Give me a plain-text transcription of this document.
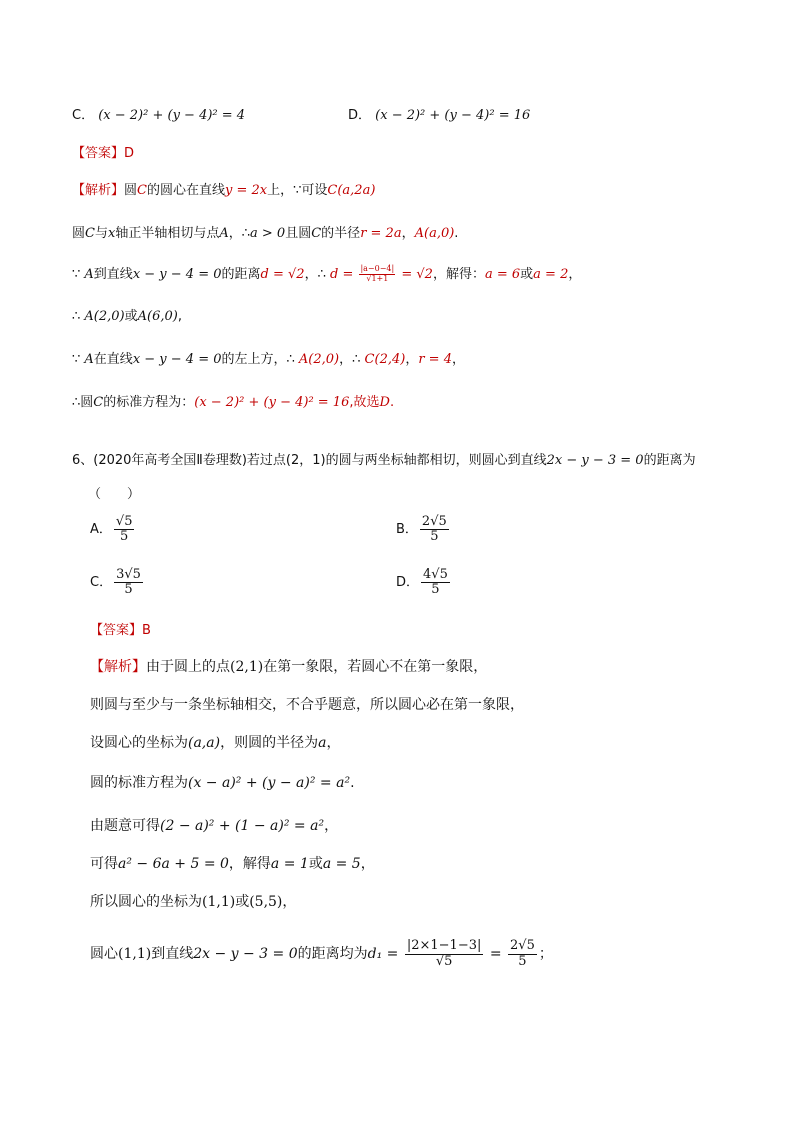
C． (x − 2)² + (y − 4)² = 4	D． (x − 2)² + (y − 4)² = 16
【答案】D
【解析】圆C的圆心在直线y = 2x上，∵可设C(a,2a)
圆C与x轴正半轴相切与点A，∴a > 0且圆C的半径r = 2a，A(a,0).
∵ A到直线x − y − 4 = 0的距离d = √2，∴ $d = \frac{|a-0-4|}{√1+1} = √2$，解得：a = 6或a = 2，
∴ A(2,0)或A(6,0),
∵ A在直线x − y − 4 = 0的左上方，∴ A(2,0)，∴ C(2,4)，r = 4，
∴圆C的标准方程为：(x − 2)² + (y − 4)² = 16,故选D.
6、(2020年高考全国Ⅱ卷理数)若过点(2，1)的圆与两坐标轴都相切，则圆心到直线2x − y − 3 = 0的距离为
（　　）
A． $\frac{√5}{5}$	B． $\frac{2√5}{5}$
C． $\frac{3√5}{5}$	D． $\frac{4√5}{5}$
【答案】B
【解析】由于圆上的点(2,1)在第一象限，若圆心不在第一象限，
则圆与至少与一条坐标轴相交，不合乎题意，所以圆心必在第一象限，
设圆心的坐标为(a,a)，则圆的半径为a，
圆的标准方程为(x − a)² + (y − a)² = a².
由题意可得(2 − a)² + (1 − a)² = a²，
可得a² − 6a + 5 = 0，解得a = 1或a = 5，
所以圆心的坐标为(1,1)或(5,5)，
圆心(1,1)到直线2x − y − 3 = 0的距离均为$d_1 = \frac{|2\times 1-1-3|}{√5} = \frac{2√5}{5}$ ；
